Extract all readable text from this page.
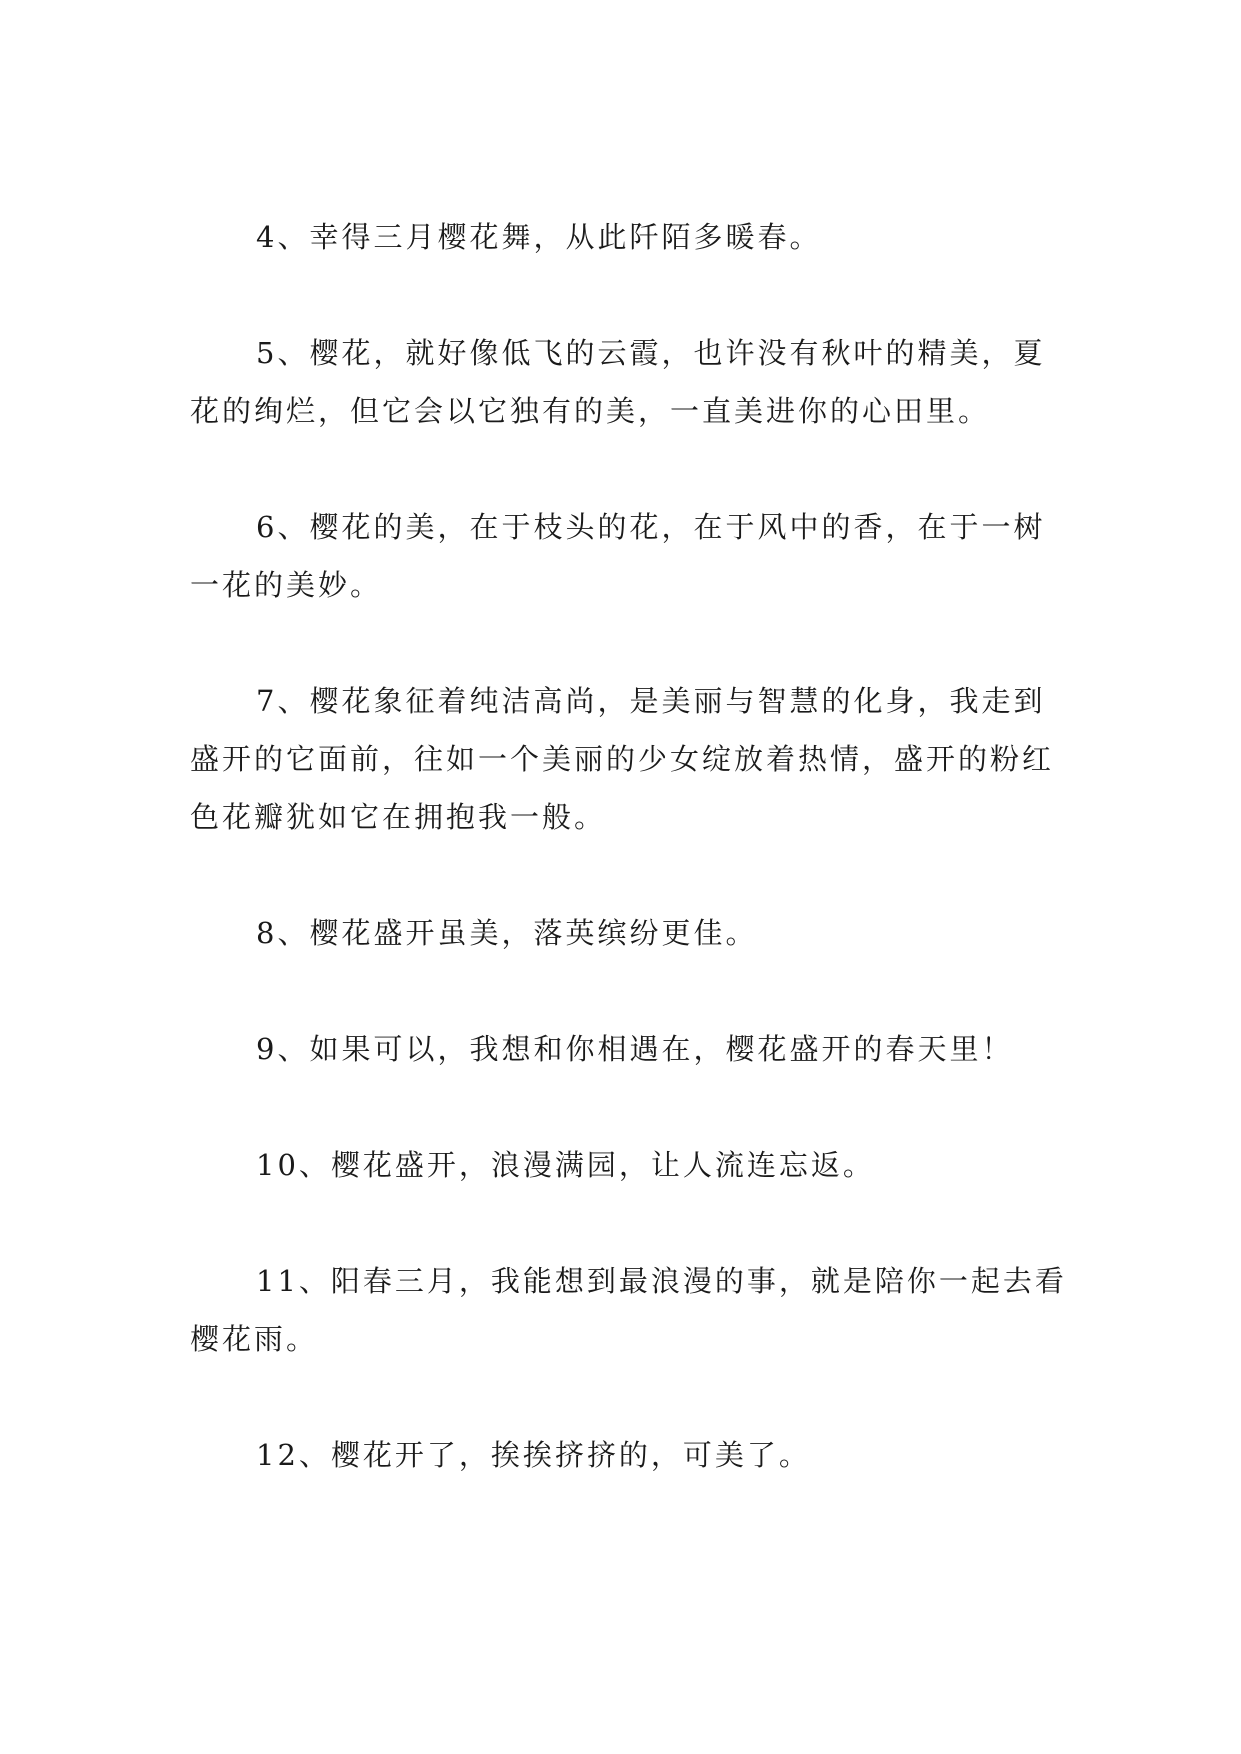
4、幸得三月樱花舞，从此阡陌多暖春。

5、樱花，就好像低飞的云霞，也许没有秋叶的精美，夏花的绚烂，但它会以它独有的美，一直美进你的心田里。

6、樱花的美，在于枝头的花，在于风中的香，在于一树一花的美妙。

7、樱花象征着纯洁高尚，是美丽与智慧的化身，我走到盛开的它面前，往如一个美丽的少女绽放着热情，盛开的粉红色花瓣犹如它在拥抱我一般。

8、樱花盛开虽美，落英缤纷更佳。

9、如果可以，我想和你相遇在，樱花盛开的春天里！

10、樱花盛开，浪漫满园，让人流连忘返。

11、阳春三月，我能想到最浪漫的事，就是陪你一起去看樱花雨。

12、樱花开了，挨挨挤挤的，可美了。
